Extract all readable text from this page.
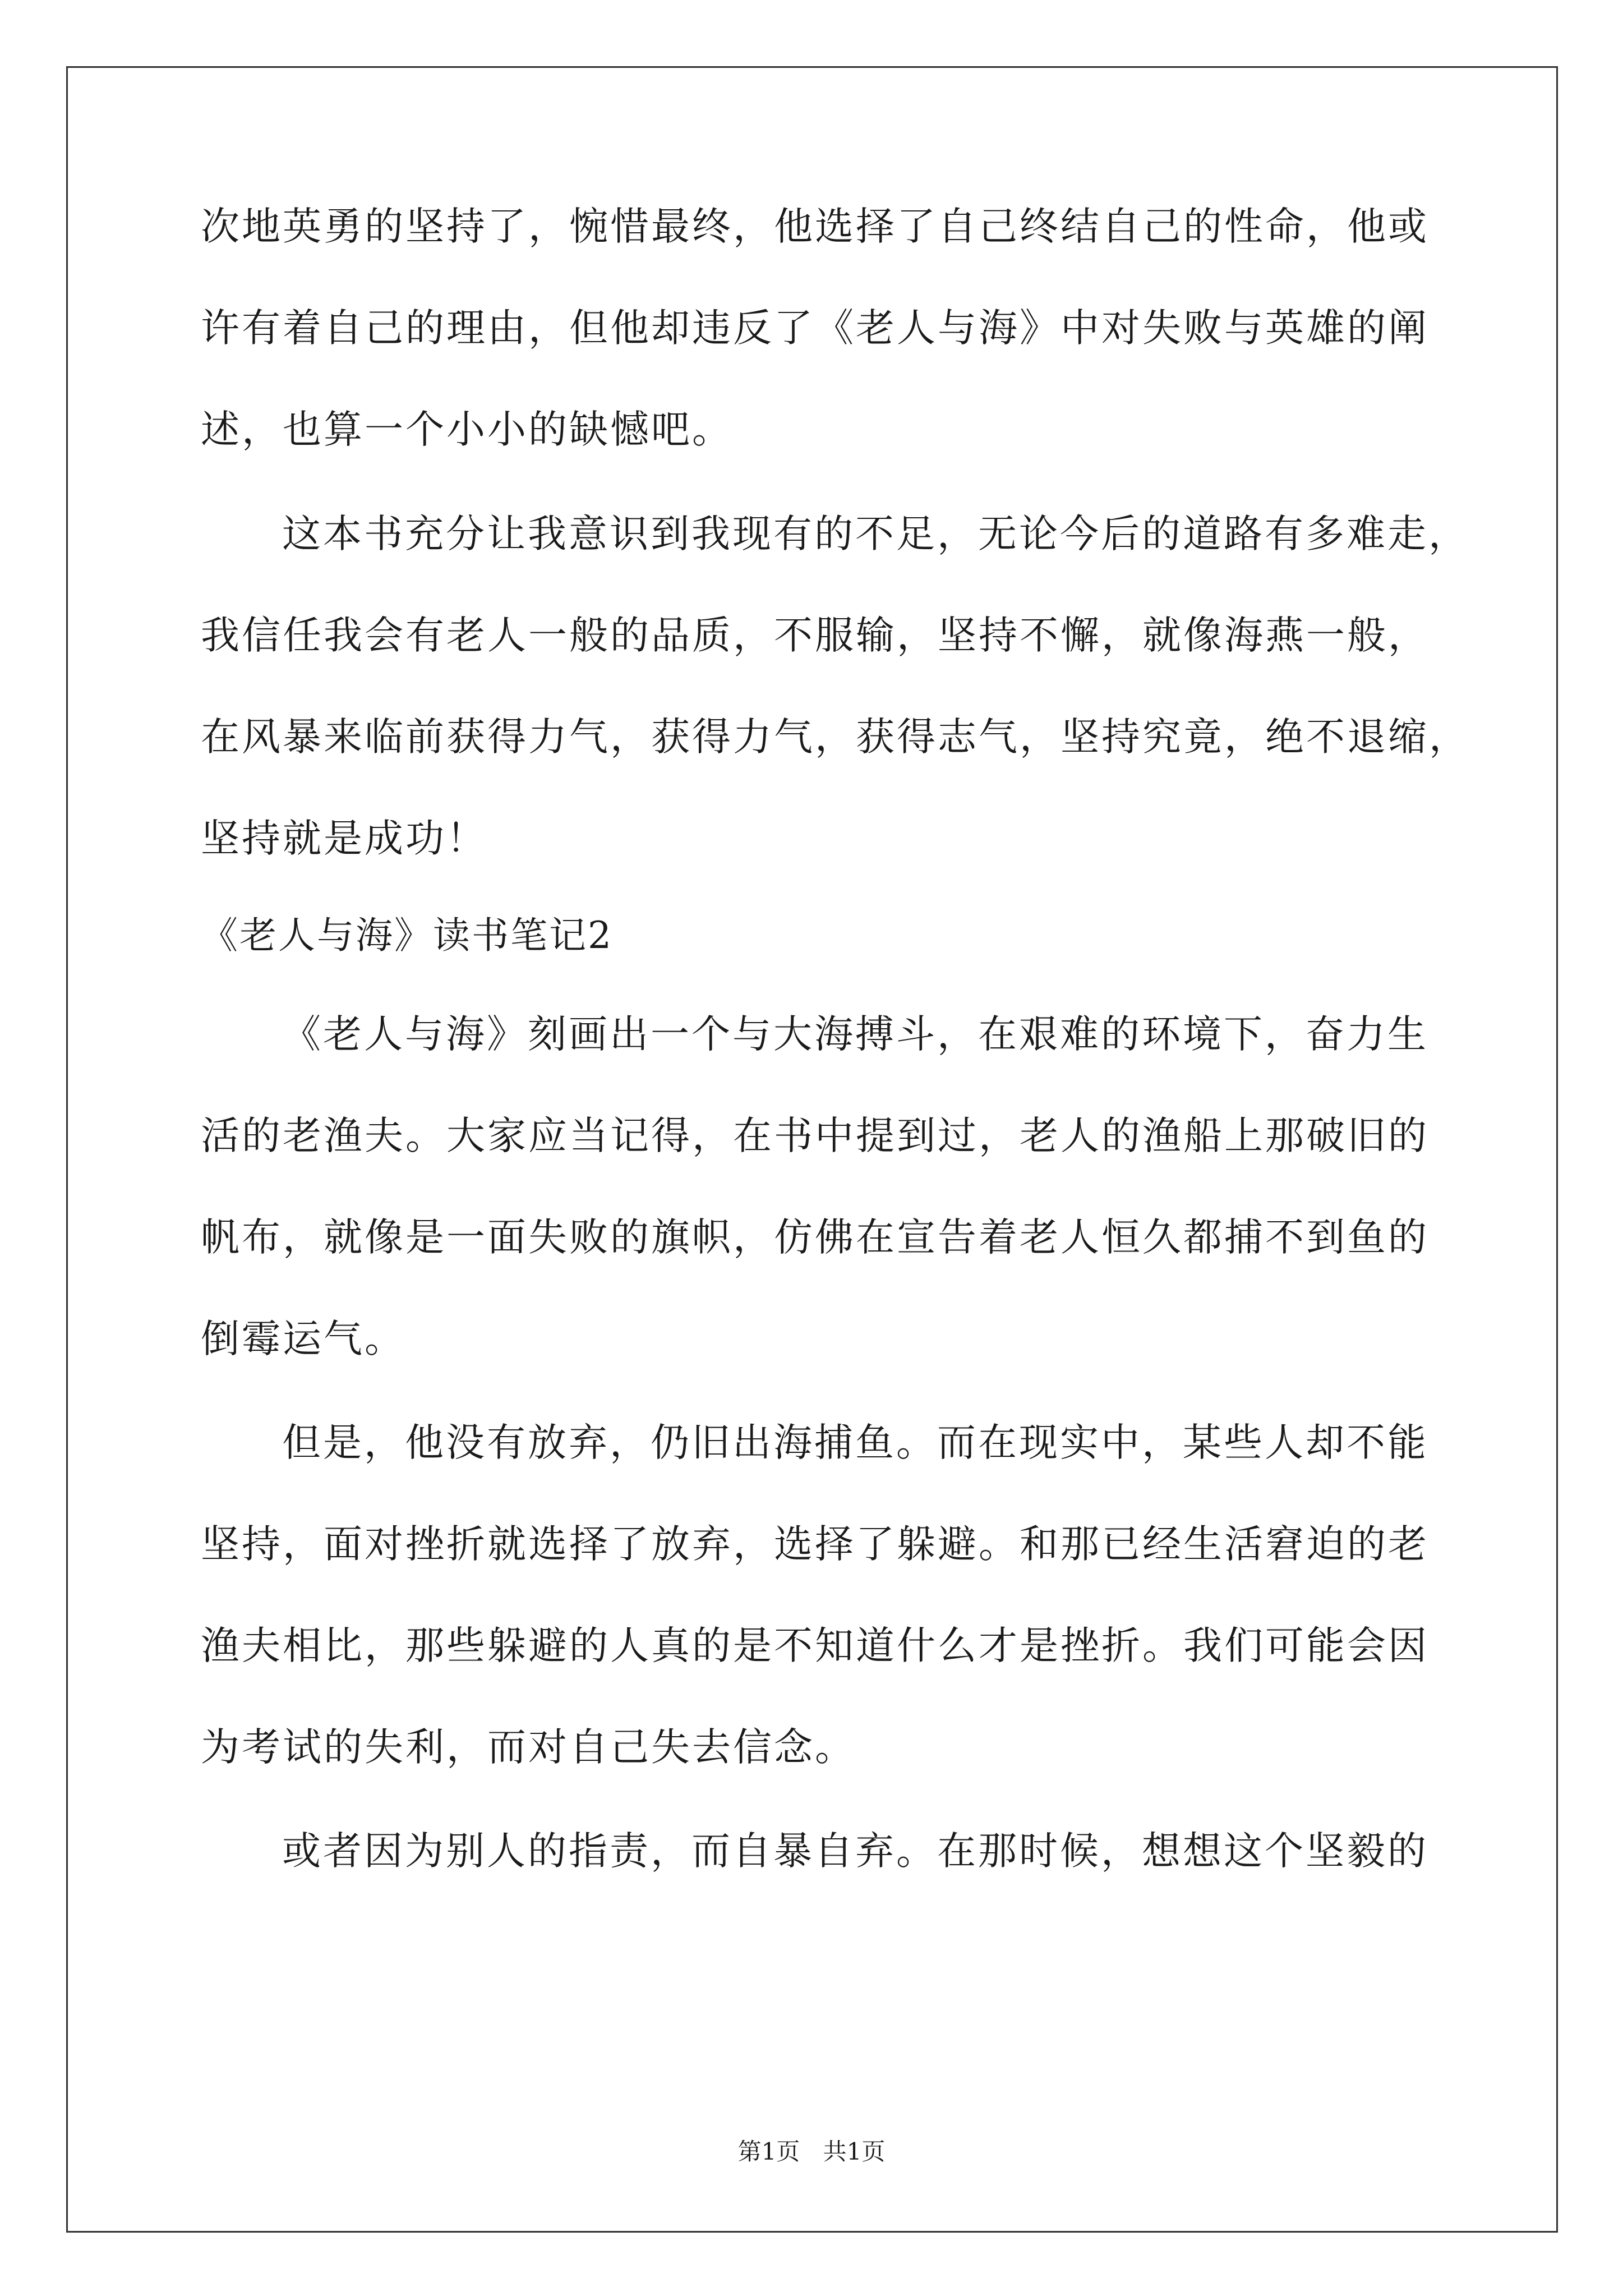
次地英勇的坚持了，惋惜最终，他选择了自己终结自己的性命，他或
许有着自己的理由，但他却违反了《老人与海》中对失败与英雄的阐
述，也算一个小小的缺憾吧。
这本书充分让我意识到我现有的不足，无论今后的道路有多难走，
我信任我会有老人一般的品质，不服输，坚持不懈，就像海燕一般，
在风暴来临前获得力气，获得力气，获得志气，坚持究竟，绝不退缩，
坚持就是成功！
《老人与海》读书笔记2
《老人与海》刻画出一个与大海搏斗，在艰难的环境下，奋力生
活的老渔夫。大家应当记得，在书中提到过，老人的渔船上那破旧的
帆布，就像是一面失败的旗帜，仿佛在宣告着老人恒久都捕不到鱼的
倒霉运气。
但是，他没有放弃，仍旧出海捕鱼。而在现实中，某些人却不能
坚持，面对挫折就选择了放弃，选择了躲避。和那已经生活窘迫的老
渔夫相比，那些躲避的人真的是不知道什么才是挫折。我们可能会因
为考试的失利，而对自己失去信念。
或者因为别人的指责，而自暴自弃。在那时候，想想这个坚毅的
第1页 共1页
